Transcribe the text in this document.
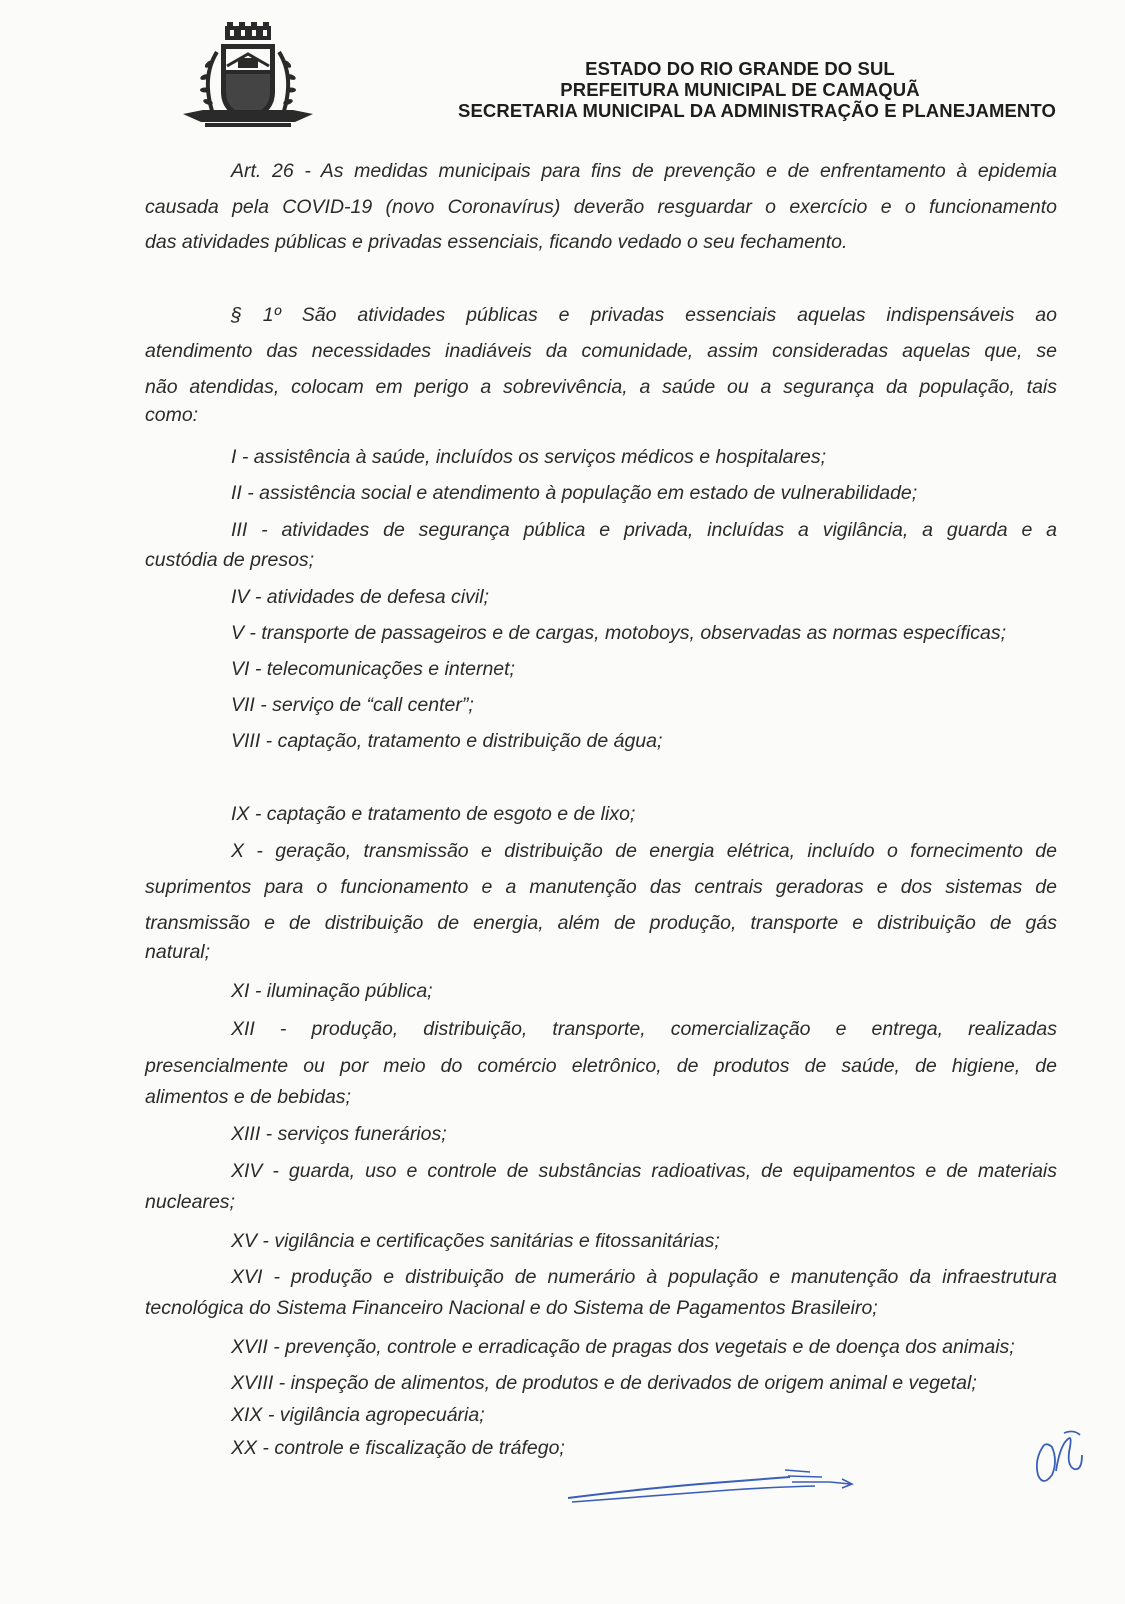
ESTADO DO RIO GRANDE DO SUL
PREFEITURA MUNICIPAL DE CAMAQUÃ
SECRETARIA MUNICIPAL DA ADMINISTRAÇÃO E PLANEJAMENTO
Art. 26 - As medidas municipais para fins de prevenção e de enfrentamento à epidemia
causada pela COVID-19 (novo Coronavírus) deverão resguardar o exercício e o funcionamento
das atividades públicas e privadas essenciais, ficando vedado o seu fechamento.
§ 1º São atividades públicas e privadas essenciais aquelas indispensáveis ao
atendimento das necessidades inadiáveis da comunidade, assim consideradas aquelas que, se
não atendidas, colocam em perigo a sobrevivência, a saúde ou a segurança da população, tais
como:
I - assistência à saúde, incluídos os serviços médicos e hospitalares;
II - assistência social e atendimento à população em estado de vulnerabilidade;
III - atividades de segurança pública e privada, incluídas a vigilância, a guarda e a
custódia de presos;
IV - atividades de defesa civil;
V - transporte de passageiros e de cargas, motoboys, observadas as normas específicas;
VI - telecomunicações e internet;
VII - serviço de “call center”;
VIII - captação, tratamento e distribuição de água;
IX - captação e tratamento de esgoto e de lixo;
X - geração, transmissão e distribuição de energia elétrica, incluído o fornecimento de
suprimentos para o funcionamento e a manutenção das centrais geradoras e dos sistemas de
transmissão e de distribuição de energia, além de produção, transporte e distribuição de gás
natural;
XI - iluminação pública;
XII - produção, distribuição, transporte, comercialização e entrega, realizadas
presencialmente ou por meio do comércio eletrônico, de produtos de saúde, de higiene, de
alimentos e de bebidas;
XIII - serviços funerários;
XIV - guarda, uso e controle de substâncias radioativas, de equipamentos e de materiais
nucleares;
XV - vigilância e certificações sanitárias e fitossanitárias;
XVI - produção e distribuição de numerário à população e manutenção da infraestrutura
tecnológica do Sistema Financeiro Nacional e do Sistema de Pagamentos Brasileiro;
XVII - prevenção, controle e erradicação de pragas dos vegetais e de doença dos animais;
XVIII - inspeção de alimentos, de produtos e de derivados de origem animal e vegetal;
XIX - vigilância agropecuária;
XX - controle e fiscalização de tráfego;
